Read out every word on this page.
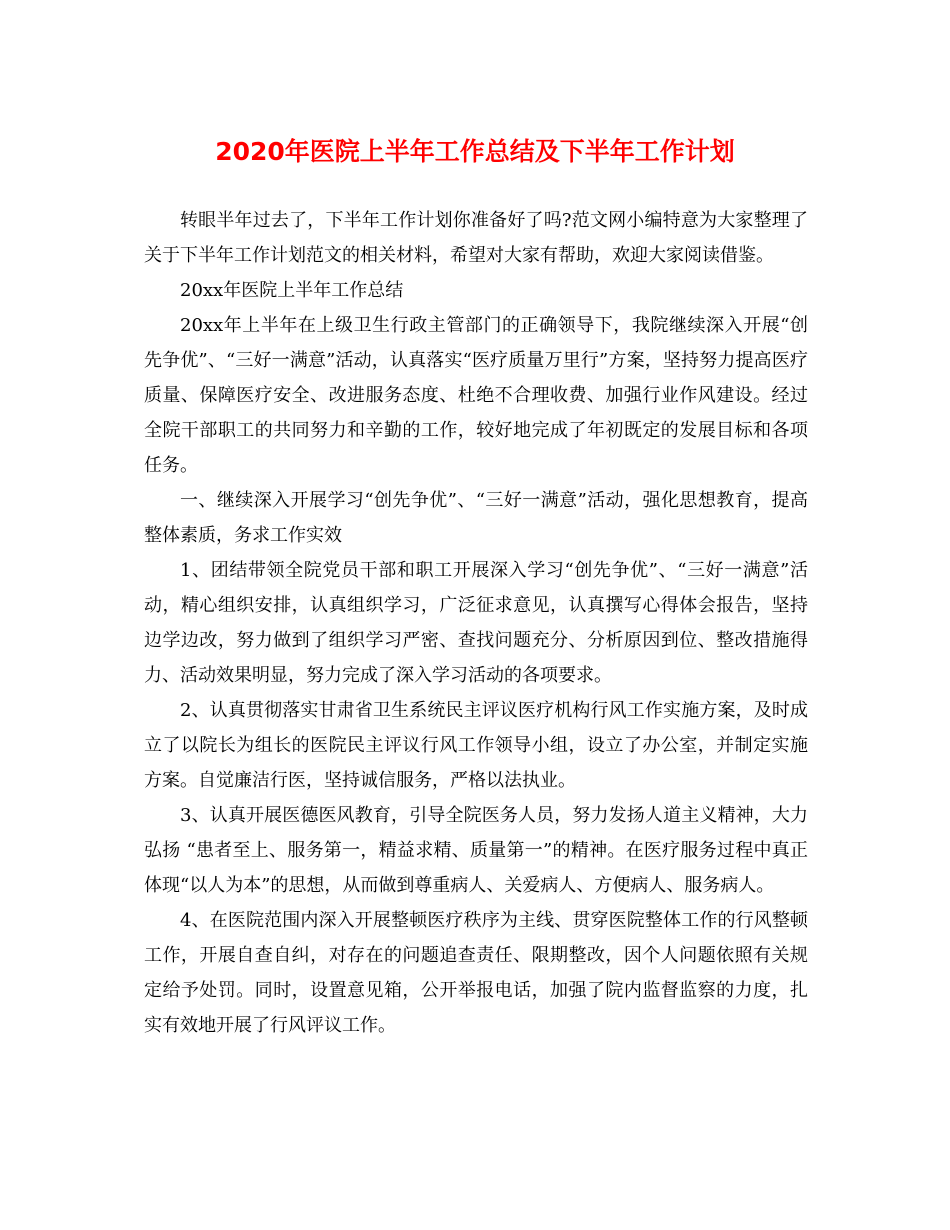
2020年医院上半年工作总结及下半年工作计划

转眼半年过去了，下半年工作计划你准备好了吗?范文网小编特意为大家整理了关于下半年工作计划范文的相关材料，希望对大家有帮助，欢迎大家阅读借鉴。

20xx年医院上半年工作总结

20xx年上半年在上级卫生行政主管部门的正确领导下，我院继续深入开展“创先争优”、“三好一满意”活动，认真落实“医疗质量万里行”方案，坚持努力提高医疗质量、保障医疗安全、改进服务态度、杜绝不合理收费、加强行业作风建设。经过全院干部职工的共同努力和辛勤的工作，较好地完成了年初既定的发展目标和各项任务。

一、继续深入开展学习“创先争优”、“三好一满意”活动，强化思想教育，提高整体素质，务求工作实效

1、团结带领全院党员干部和职工开展深入学习“创先争优”、“三好一满意”活动，精心组织安排，认真组织学习，广泛征求意见，认真撰写心得体会报告，坚持边学边改，努力做到了组织学习严密、查找问题充分、分析原因到位、整改措施得力、活动效果明显，努力完成了深入学习活动的各项要求。

2、认真贯彻落实甘肃省卫生系统民主评议医疗机构行风工作实施方案，及时成立了以院长为组长的医院民主评议行风工作领导小组，设立了办公室，并制定实施方案。自觉廉洁行医，坚持诚信服务，严格以法执业。

3、认真开展医德医风教育，引导全院医务人员，努力发扬人道主义精神，大力弘扬 “患者至上、服务第一，精益求精、质量第一”的精神。在医疗服务过程中真正体现“以人为本”的思想，从而做到尊重病人、关爱病人、方便病人、服务病人。

4、在医院范围内深入开展整顿医疗秩序为主线、贯穿医院整体工作的行风整顿工作，开展自查自纠，对存在的问题追查责任、限期整改，因个人问题依照有关规定给予处罚。同时，设置意见箱，公开举报电话，加强了院内监督监察的力度，扎实有效地开展了行风评议工作。
